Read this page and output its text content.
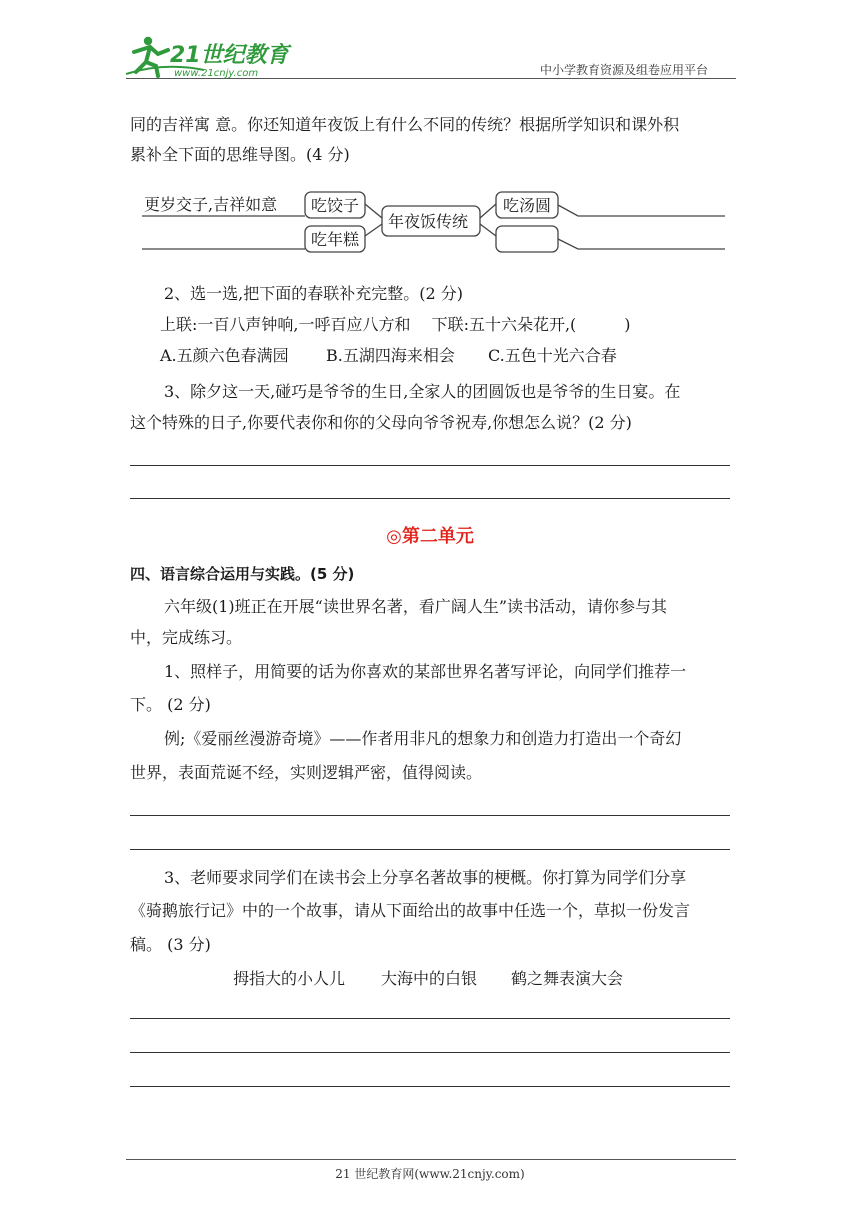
21世纪教育
www.21cnjy.com	中小学教育资源及组卷应用平台
同的吉祥寓 意。你还知道年夜饭上有什么不同的传统？根据所学知识和课外积
累补全下面的思维导图。(4 分)
更岁交子,吉祥如意 吃饺子
吃年糕
年夜饭传统
吃汤圆
2、选一选,把下面的春联补充完整。(2 分)
上联:一百八声钟响,一呼百应八方和　 下联:五十六朵花开,(　　　)
A.五颜六色春满园 B.五湖四海来相会 C.五色十光六合春
3、除夕这一天,碰巧是爷爷的生日,全家人的团圆饭也是爷爷的生日宴。在
这个特殊的日子,你要代表你和你的父母向爷爷祝寿,你想怎么说？(2 分)
◎第二单元
四、语言综合运用与实践。(5 分)
六年级(1)班正在开展“读世界名著，看广阔人生”读书活动，请你参与其
中，完成练习。
1、照样子，用简要的话为你喜欢的某部世界名著写评论，向同学们推荐一
下。 (2 分)
例;《爱丽丝漫游奇境》——作者用非凡的想象力和创造力打造出一个奇幻
世界，表面荒诞不经，实则逻辑严密，值得阅读。
3、老师要求同学们在读书会上分享名著故事的梗概。你打算为同学们分享
《骑鹅旅行记》中的一个故事，请从下面给出的故事中任选一个，草拟一份发言
稿。 (3 分)
拇指大的小人儿 大海中的白银 鹤之舞表演大会
21 世纪教育网(www.21cnjy.com)
